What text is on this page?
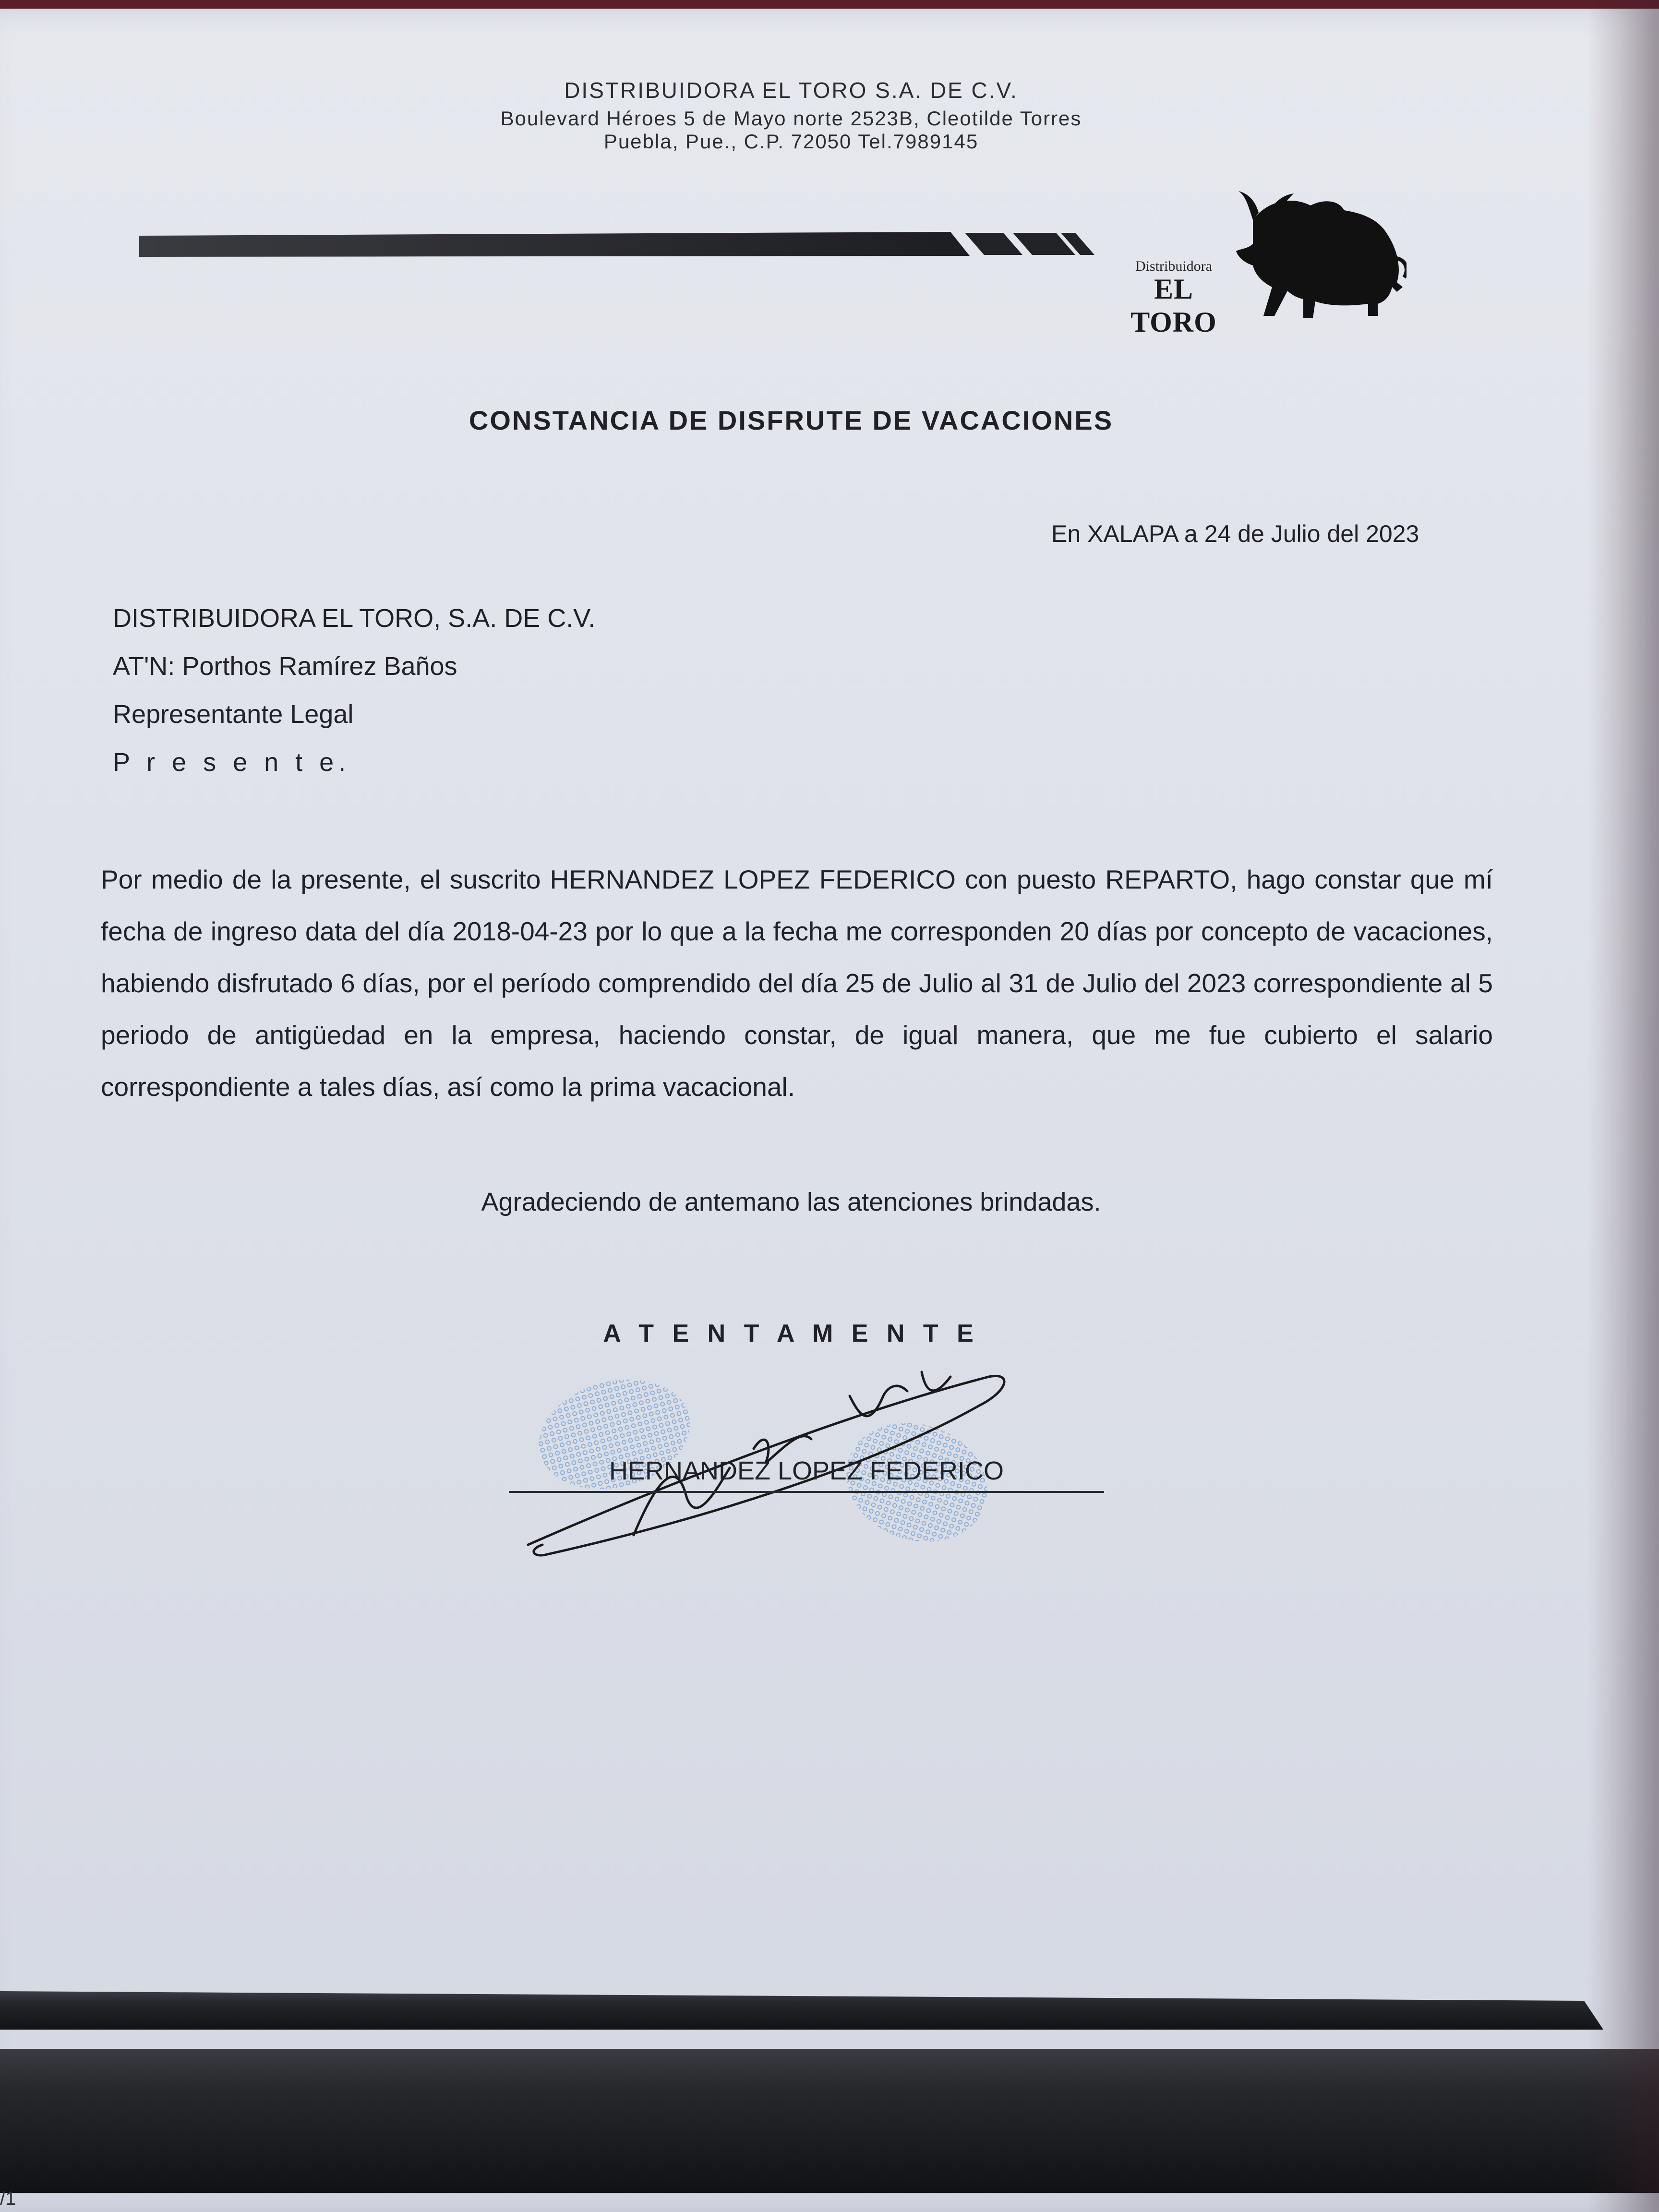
DISTRIBUIDORA EL TORO S.A. DE C.V.
Boulevard Héroes 5 de Mayo norte 2523B, Cleotilde Torres
Puebla, Pue., C.P. 72050 Tel.7989145
Distribuidora
EL TORO
CONSTANCIA DE DISFRUTE DE VACACIONES
En XALAPA a 24 de Julio del 2023
DISTRIBUIDORA EL TORO, S.A. DE C.V.
AT'N: Porthos Ramírez Baños
Representante Legal
P r e s e n t e.
Por medio de la presente, el suscrito HERNANDEZ LOPEZ FEDERICO con puesto REPARTO, hago constar que mí fecha de ingreso data del día 2018-04-23 por lo que a la fecha me corresponden 20 días por concepto de vacaciones, habiendo disfrutado 6 días, por el período comprendido del día 25 de Julio al 31 de Julio del 2023 correspondiente al 5 periodo de antigüedad en la empresa, haciendo constar, de igual manera, que me fue cubierto el salario correspondiente a tales días, así como la prima vacacional.
Agradeciendo de antemano las atenciones brindadas.
A T E N T A M E N T E
HERNANDEZ LOPEZ FEDERICO
/1
